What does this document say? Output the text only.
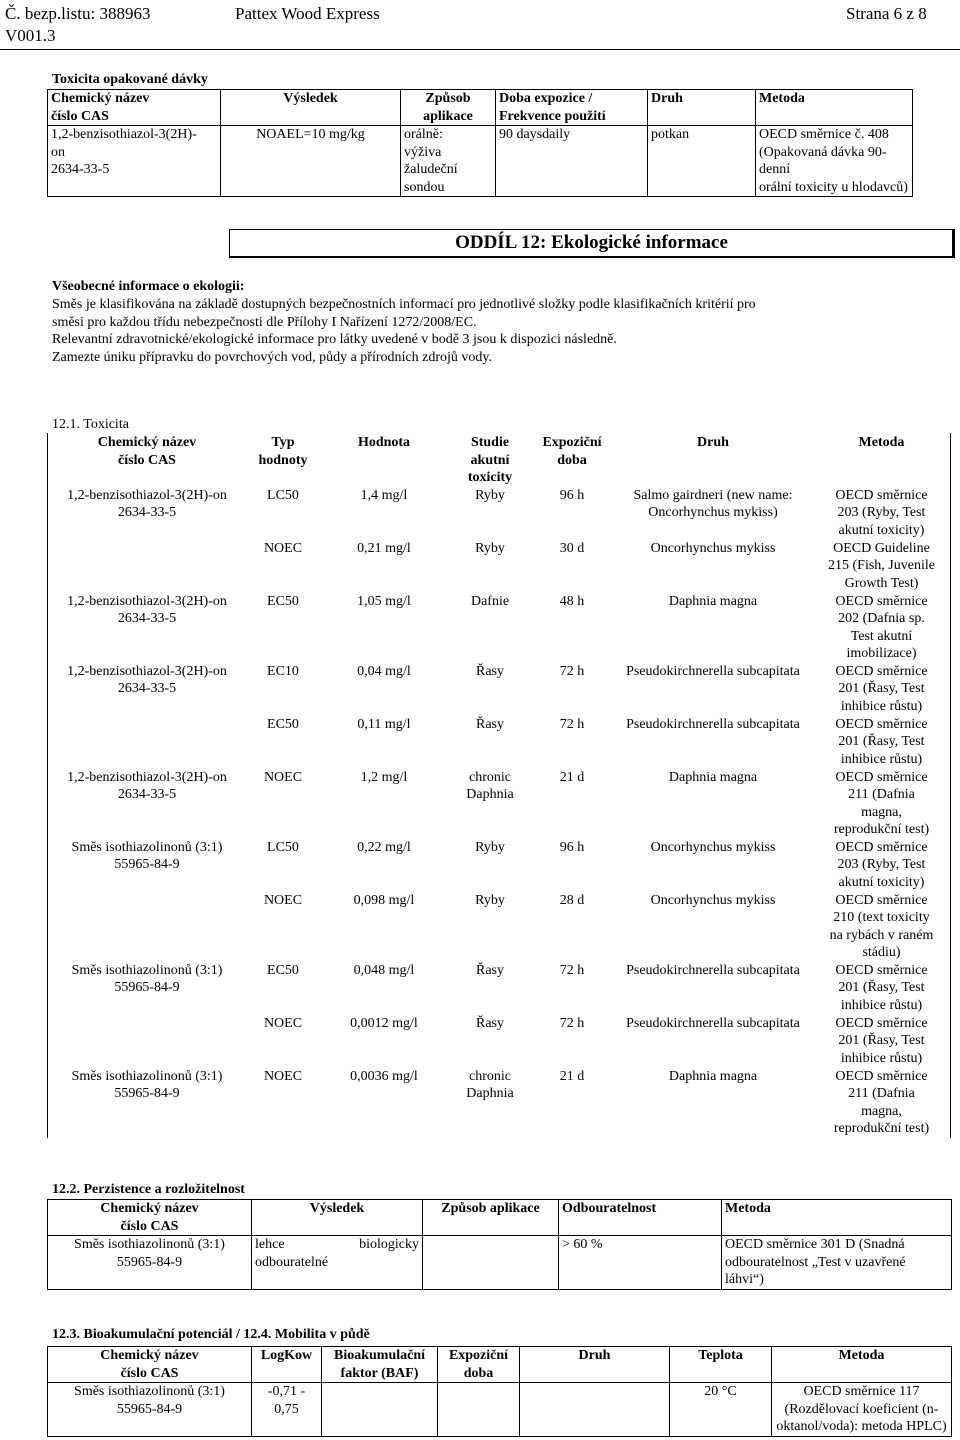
Č. bezp.listu: 388963
V001.3
Pattex Wood Express	Strana 6 z 8
Toxicita opakované dávky
Chemický název
číslo CAS	Výsledek	Způsob
aplikace	Doba expozice /
Frekvence použití	Druh	Metoda
1,2-benzisothiazol-3(2H)-
on
2634-33-5	NOAEL=10 mg/kg	orálně:
výživa
žaludeční
sondou	90 daysdaily	potkan	OECD směrnice č. 408
(Opakovaná dávka 90-denní
orální toxicity u hlodavců)
ODDÍL 12: Ekologické informace
Všeobecné informace o ekologii:
Směs je klasifikována na základě dostupných bezpečnostních informací pro jednotlivé složky podle klasifikačních kritérií pro
směsi pro každou třídu nebezpečnosti dle Přílohy I Nařízení 1272/2008/EC.
Relevantní zdravotnické/ekologické informace pro látky uvedené v bodě 3 jsou k dispozici následně.
Zamezte úniku přípravku do povrchových vod, půdy a přírodních zdrojů vody.
12.1. Toxicita
Chemický název
číslo CAS	Typ
hodnoty	Hodnota	Studie
akutní
toxicity	Expoziční
doba	Druh	Metoda
1,2-benzisothiazol-3(2H)-on
2634-33-5	LC50	1,4 mg/l	Ryby	96 h	Salmo gairdneri (new name:
Oncorhynchus mykiss)	OECD směrnice
203 (Ryby, Test
akutní toxicity)
	NOEC	0,21 mg/l	Ryby	30 d	Oncorhynchus mykiss	OECD Guideline
215 (Fish, Juvenile
Growth Test)
1,2-benzisothiazol-3(2H)-on
2634-33-5	EC50	1,05 mg/l	Dafnie	48 h	Daphnia magna	OECD směrnice
202 (Dafnia sp.
Test akutní
imobilizace)
1,2-benzisothiazol-3(2H)-on
2634-33-5	EC10	0,04 mg/l	Řasy	72 h	Pseudokirchnerella subcapitata	OECD směrnice
201 (Řasy, Test
inhibice růstu)
	EC50	0,11 mg/l	Řasy	72 h	Pseudokirchnerella subcapitata	OECD směrnice
201 (Řasy, Test
inhibice růstu)
1,2-benzisothiazol-3(2H)-on
2634-33-5	NOEC	1,2 mg/l	chronic
Daphnia	21 d	Daphnia magna	OECD směrnice
211 (Dafnia
magna,
reprodukční test)
Směs isothiazolinonů (3:1)
55965-84-9	LC50	0,22 mg/l	Ryby	96 h	Oncorhynchus mykiss	OECD směrnice
203 (Ryby, Test
akutní toxicity)
	NOEC	0,098 mg/l	Ryby	28 d	Oncorhynchus mykiss	OECD směrnice
210 (text toxicity
na rybách v raném
stádiu)
Směs isothiazolinonů (3:1)
55965-84-9	EC50	0,048 mg/l	Řasy	72 h	Pseudokirchnerella subcapitata	OECD směrnice
201 (Řasy, Test
inhibice růstu)
	NOEC	0,0012 mg/l	Řasy	72 h	Pseudokirchnerella subcapitata	OECD směrnice
201 (Řasy, Test
inhibice růstu)
Směs isothiazolinonů (3:1)
55965-84-9	NOEC	0,0036 mg/l	chronic
Daphnia	21 d	Daphnia magna	OECD směrnice
211 (Dafnia
magna,
reprodukční test)
12.2. Perzistence a rozložitelnost
Chemický název
číslo CAS	Výsledek	Způsob aplikace	Odbouratelnost	Metoda
Směs isothiazolinonů (3:1)
55965-84-9	lehce biologicky
odbouratelné		> 60 %	OECD směrnice 301 D (Snadná
odbouratelnost „Test v uzavřené
láhvi“)
12.3. Bioakumulační potenciál / 12.4. Mobilita v půdě
Chemický název
číslo CAS	LogKow	Bioakumulační
faktor (BAF)	Expoziční
doba	Druh	Teplota	Metoda
Směs isothiazolinonů (3:1)
55965-84-9	-0,71 -
0,75				20 °C	OECD směrnice 117
(Rozdělovací koeficient (n-
oktanol/voda): metoda HPLC)
